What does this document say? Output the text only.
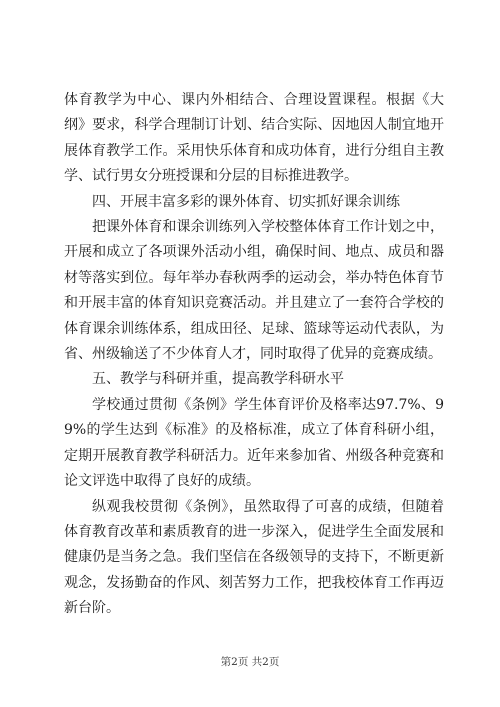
体育教学为中心、课内外相结合、合理设置课程。根据《大纲》要求，科学合理制订计划、结合实际、因地因人制宜地开展体育教学工作。采用快乐体育和成功体育，进行分组自主教学、试行男女分班授课和分层的目标推进教学。

四、开展丰富多彩的课外体育、切实抓好课余训练

把课外体育和课余训练列入学校整体体育工作计划之中，开展和成立了各项课外活动小组，确保时间、地点、成员和器材等落实到位。每年举办春秋两季的运动会，举办特色体育节和开展丰富的体育知识竞赛活动。并且建立了一套符合学校的体育课余训练体系，组成田径、足球、篮球等运动代表队，为省、州级输送了不少体育人才，同时取得了优异的竞赛成绩。

五、教学与科研并重，提高教学科研水平

学校通过贯彻《条例》学生体育评价及格率达97.7%、99%的学生达到《标准》的及格标准，成立了体育科研小组，定期开展教育教学科研活力。近年来参加省、州级各种竞赛和论文评选中取得了良好的成绩。

纵观我校贯彻《条例》，虽然取得了可喜的成绩，但随着体育教育改革和素质教育的进一步深入，促进学生全面发展和健康仍是当务之急。我们坚信在各级领导的支持下，不断更新观念，发扬勤奋的作风、刻苦努力工作，把我校体育工作再迈新台阶。

第2页 共2页
